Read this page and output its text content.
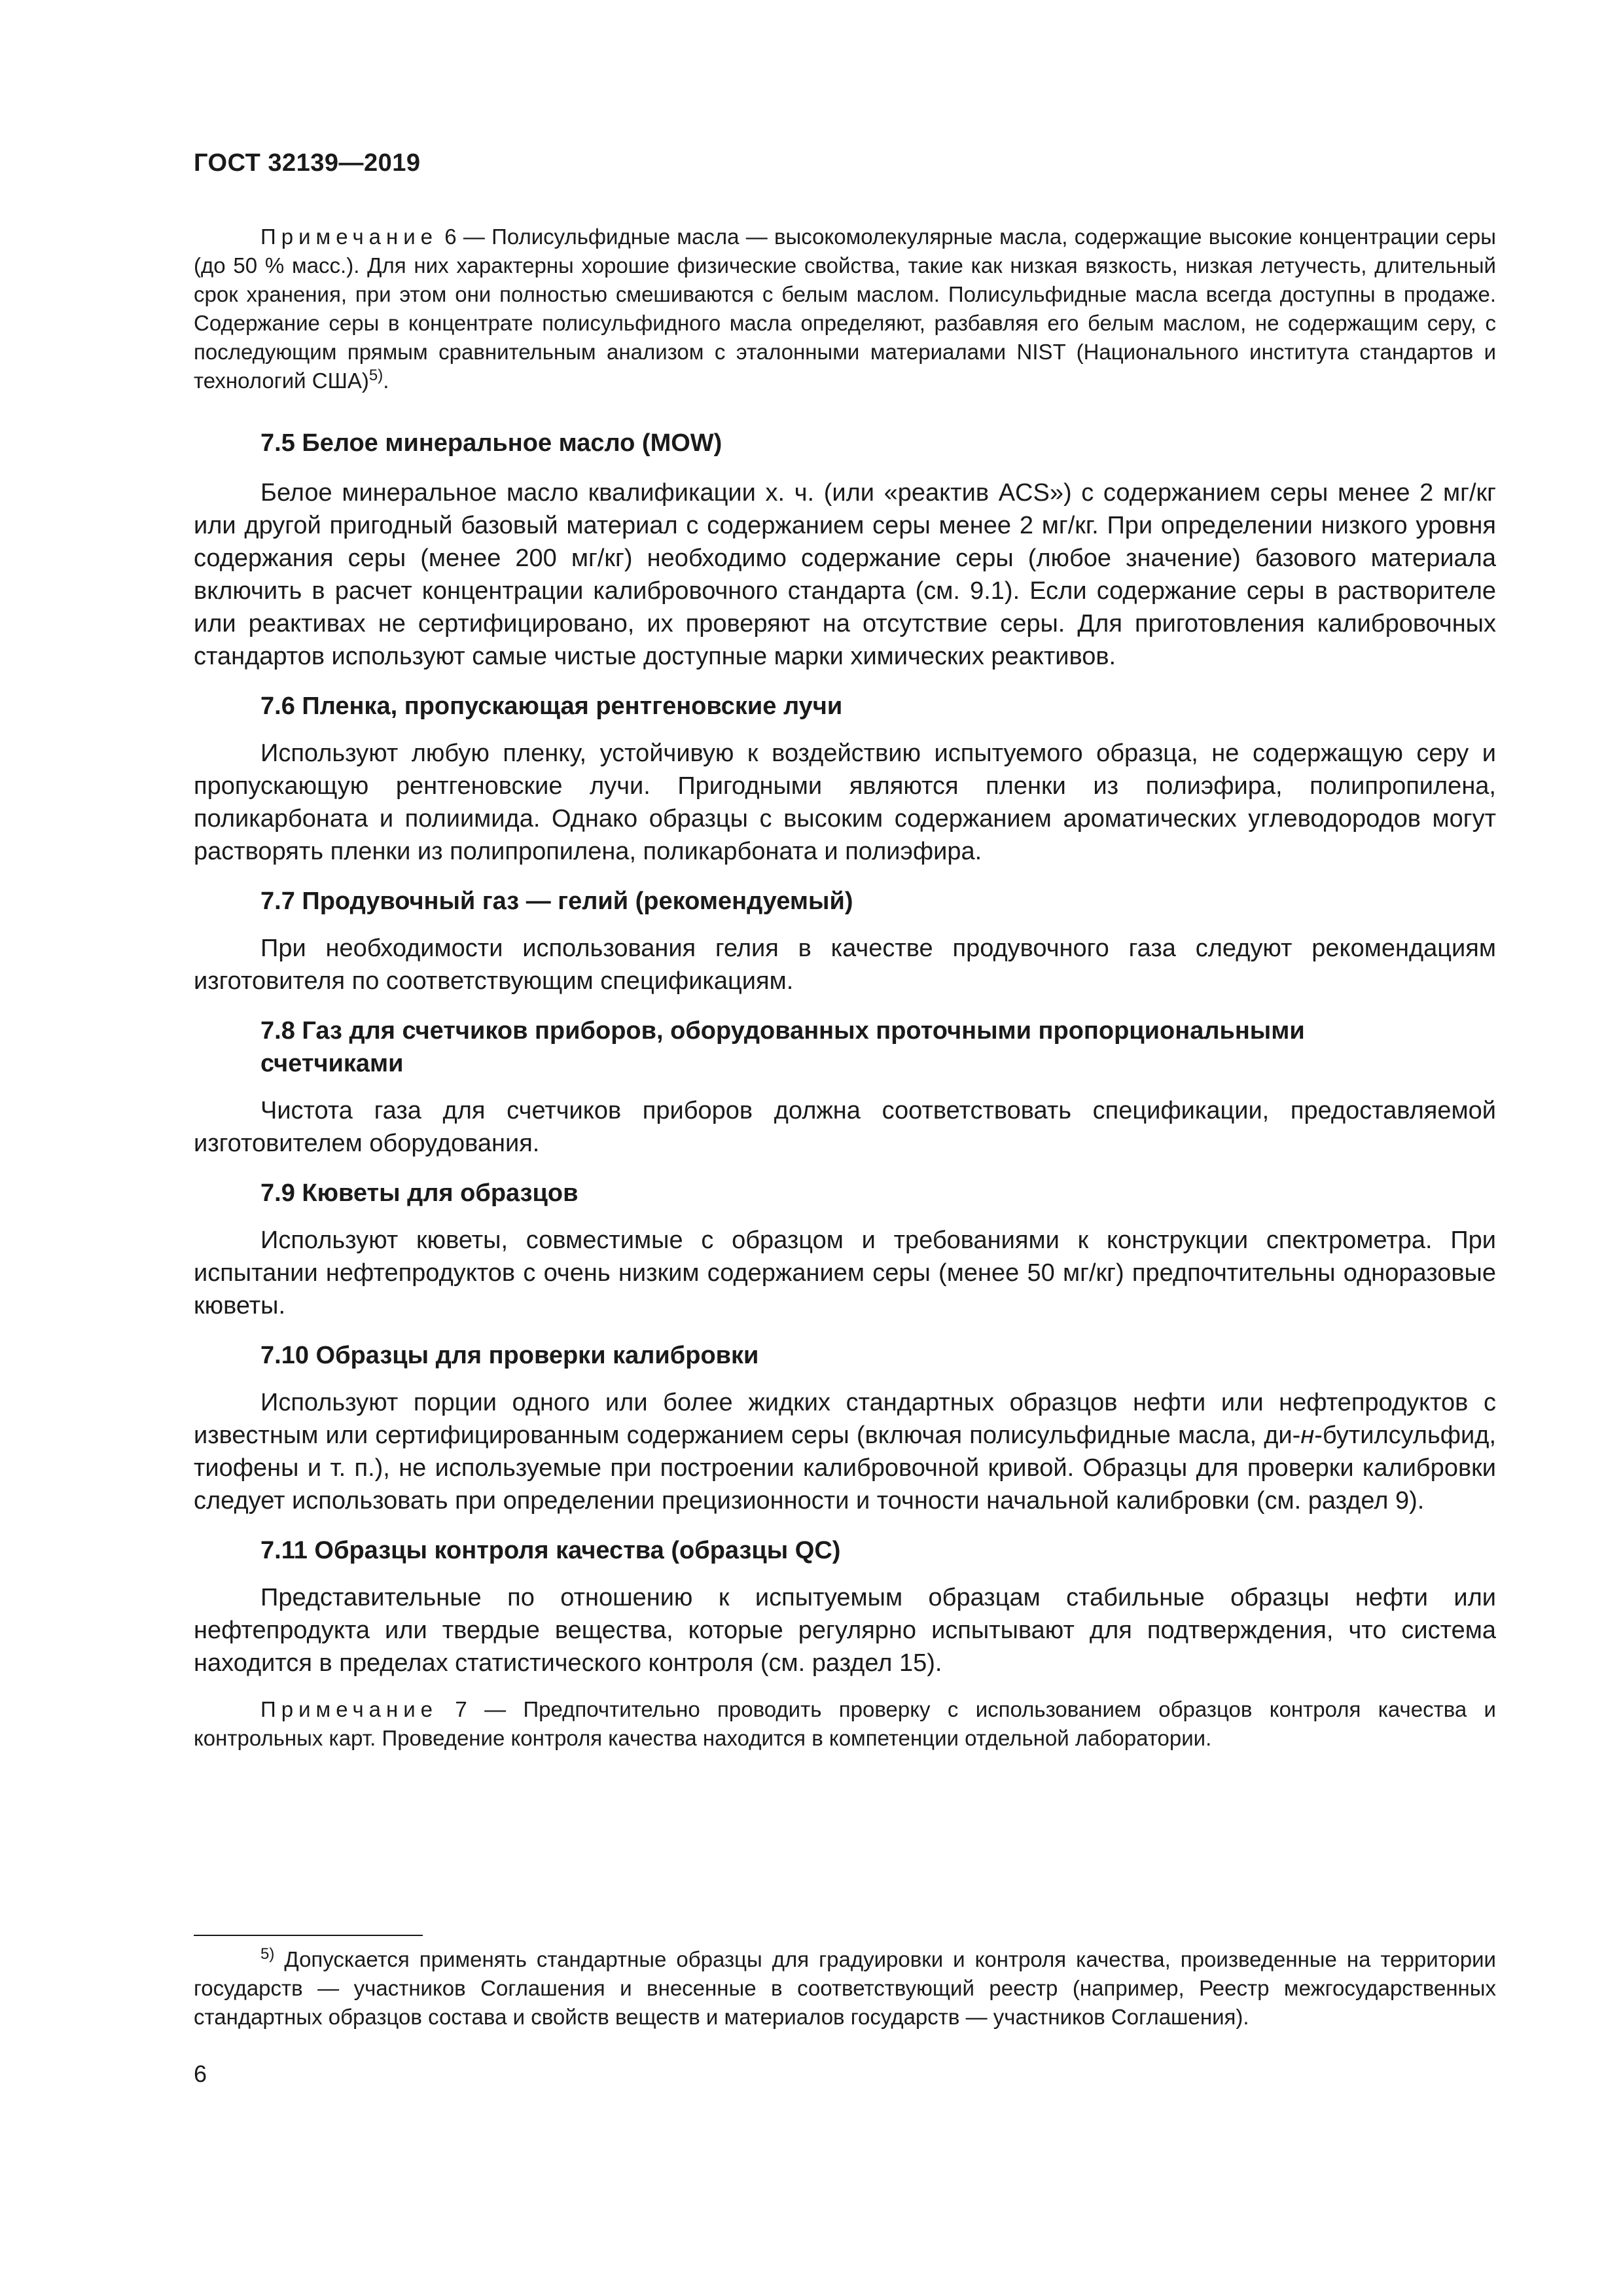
ГОСТ 32139—2019

Примечание 6 — Полисульфидные масла — высокомолекулярные масла, содержащие высокие концентрации серы (до 50 % масс.). Для них характерны хорошие физические свойства, такие как низкая вязкость, низкая летучесть, длительный срок хранения, при этом они полностью смешиваются с белым маслом. Полисульфидные масла всегда доступны в продаже. Содержание серы в концентрате полисульфидного масла определяют, разбавляя его белым маслом, не содержащим серу, с последующим прямым сравнительным анализом с эталонными материалами NIST (Национального института стандартов и технологий США)$^{5)}$.

7.5 Белое минеральное масло (MOW)

Белое минеральное масло квалификации х. ч. (или «реактив ACS») с содержанием серы менее 2 мг/кг или другой пригодный базовый материал с содержанием серы менее 2 мг/кг. При определении низкого уровня содержания серы (менее 200 мг/кг) необходимо содержание серы (любое значение) базового материала включить в расчет концентрации калибровочного стандарта (см. 9.1). Если содержание серы в растворителе или реактивах не сертифицировано, их проверяют на отсутствие серы. Для приготовления калибровочных стандартов используют самые чистые доступные марки химических реактивов.

7.6 Пленка, пропускающая рентгеновские лучи

Используют любую пленку, устойчивую к воздействию испытуемого образца, не содержащую серу и пропускающую рентгеновские лучи. Пригодными являются пленки из полиэфира, полипропилена, поликарбоната и полиимида. Однако образцы с высоким содержанием ароматических углеводородов могут растворять пленки из полипропилена, поликарбоната и полиэфира.

7.7 Продувочный газ — гелий (рекомендуемый)

При необходимости использования гелия в качестве продувочного газа следуют рекомендациям изготовителя по соответствующим спецификациям.

7.8 Газ для счетчиков приборов, оборудованных проточными пропорциональными
счетчиками

Чистота газа для счетчиков приборов должна соответствовать спецификации, предоставляемой изготовителем оборудования.

7.9 Кюветы для образцов

Используют кюветы, совместимые с образцом и требованиями к конструкции спектрометра. При испытании нефтепродуктов с очень низким содержанием серы (менее 50 мг/кг) предпочтительны одноразовые кюветы.

7.10 Образцы для проверки калибровки

Используют порции одного или более жидких стандартных образцов нефти или нефтепродуктов с известным или сертифицированным содержанием серы (включая полисульфидные масла, ди-н-бутилсульфид, тиофены и т. п.), не используемые при построении калибровочной кривой. Образцы для проверки калибровки следует использовать при определении прецизионности и точности начальной калибровки (см. раздел 9).

7.11 Образцы контроля качества (образцы QC)

Представительные по отношению к испытуемым образцам стабильные образцы нефти или нефтепродукта или твердые вещества, которые регулярно испытывают для подтверждения, что система находится в пределах статистического контроля (см. раздел 15).

Примечание 7 — Предпочтительно проводить проверку с использованием образцов контроля качества и контрольных карт. Проведение контроля качества находится в компетенции отдельной лаборатории.

$^{5)}$ Допускается применять стандартные образцы для градуировки и контроля качества, произведенные на территории государств — участников Соглашения и внесенные в соответствующий реестр (например, Реестр межгосударственных стандартных образцов состава и свойств веществ и материалов государств — участников Соглашения).

6
